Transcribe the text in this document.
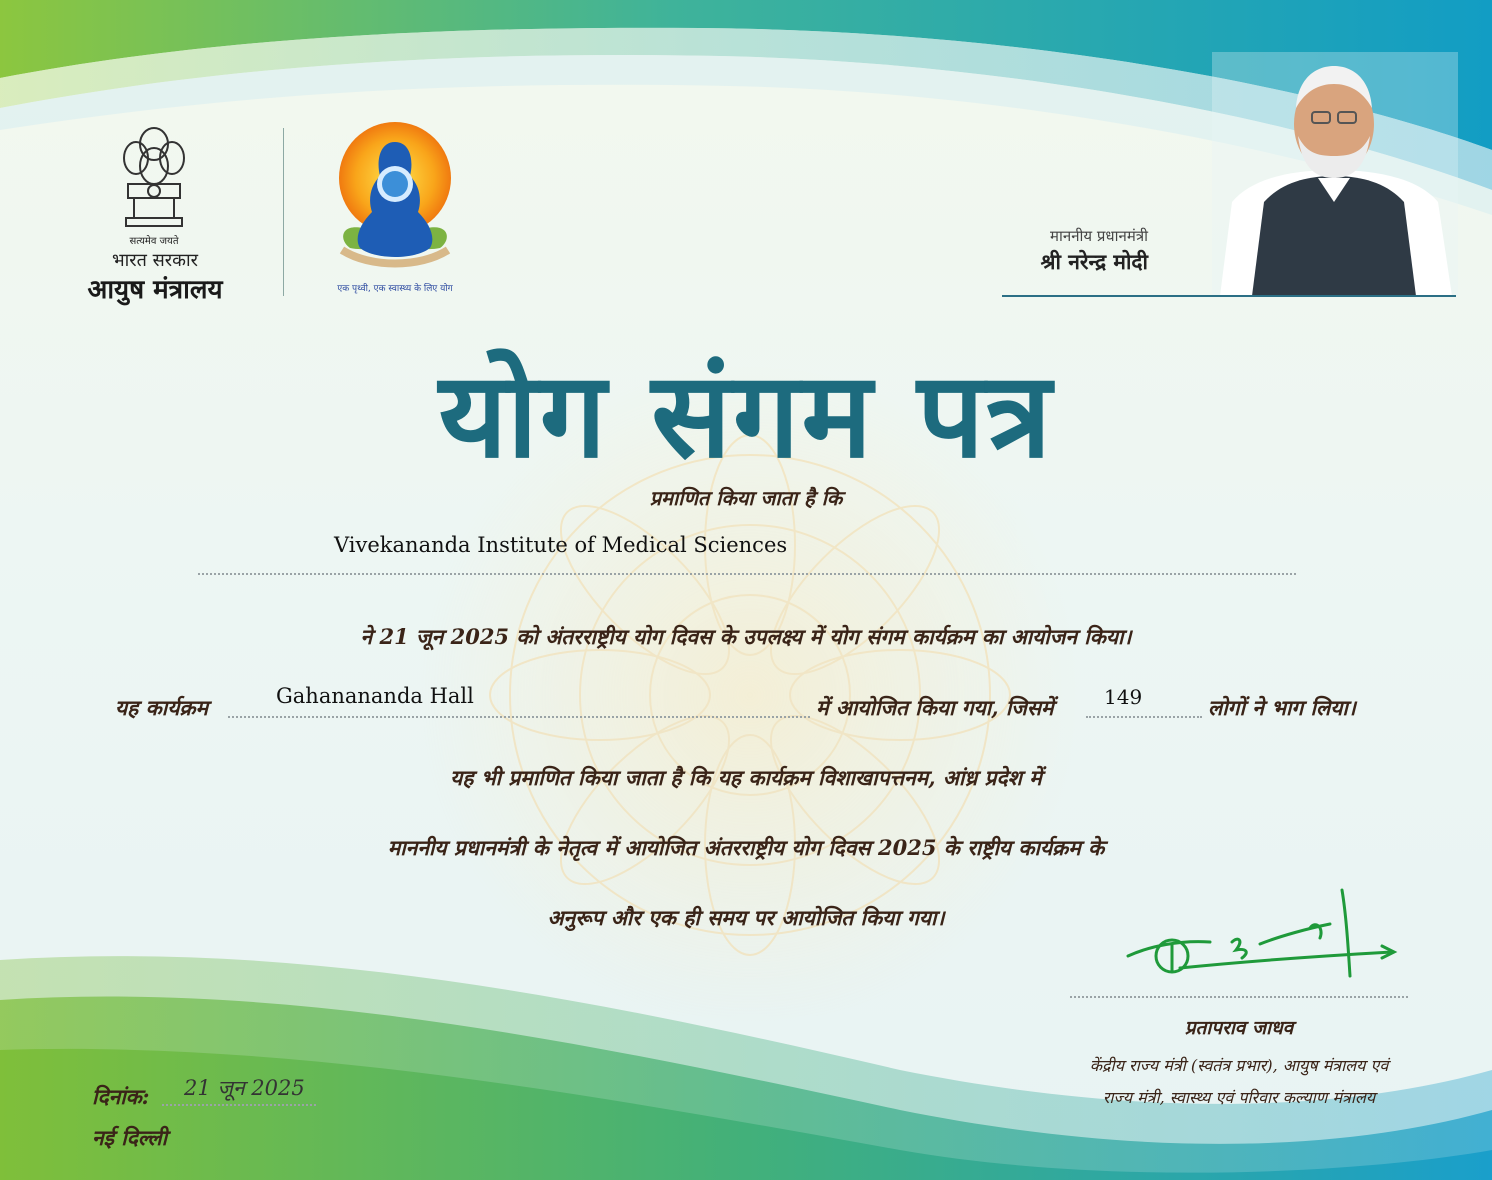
सत्यमेव जयते
भारत सरकार
आयुष मंत्रालय	एक पृथ्वी, एक स्वास्थ्य के लिए योग
माननीय प्रधानमंत्री
श्री नरेन्द्र मोदी
योग संगम पत्र
प्रमाणित किया जाता है कि
Vivekananda Institute of Medical Sciences
ने 21 जून 2025 को अंतरराष्ट्रीय योग दिवस के उपलक्ष्य में योग संगम कार्यक्रम का आयोजन किया।
यह कार्यक्रम	Gahanananda Hall	में आयोजित किया गया, जिसमें	149	लोगों ने भाग लिया।
यह भी प्रमाणित किया जाता है कि यह कार्यक्रम विशाखापत्तनम, आंध्र प्रदेश में
माननीय प्रधानमंत्री के नेतृत्व में आयोजित अंतरराष्ट्रीय योग दिवस 2025 के राष्ट्रीय कार्यक्रम के
अनुरूप और एक ही समय पर आयोजित किया गया।
प्रतापराव जाधव
केंद्रीय राज्य मंत्री (स्वतंत्र प्रभार), आयुष मंत्रालय एवं
राज्य मंत्री, स्वास्थ्य एवं परिवार कल्याण मंत्रालय
दिनांक: 21 जून 2025
नई दिल्ली
